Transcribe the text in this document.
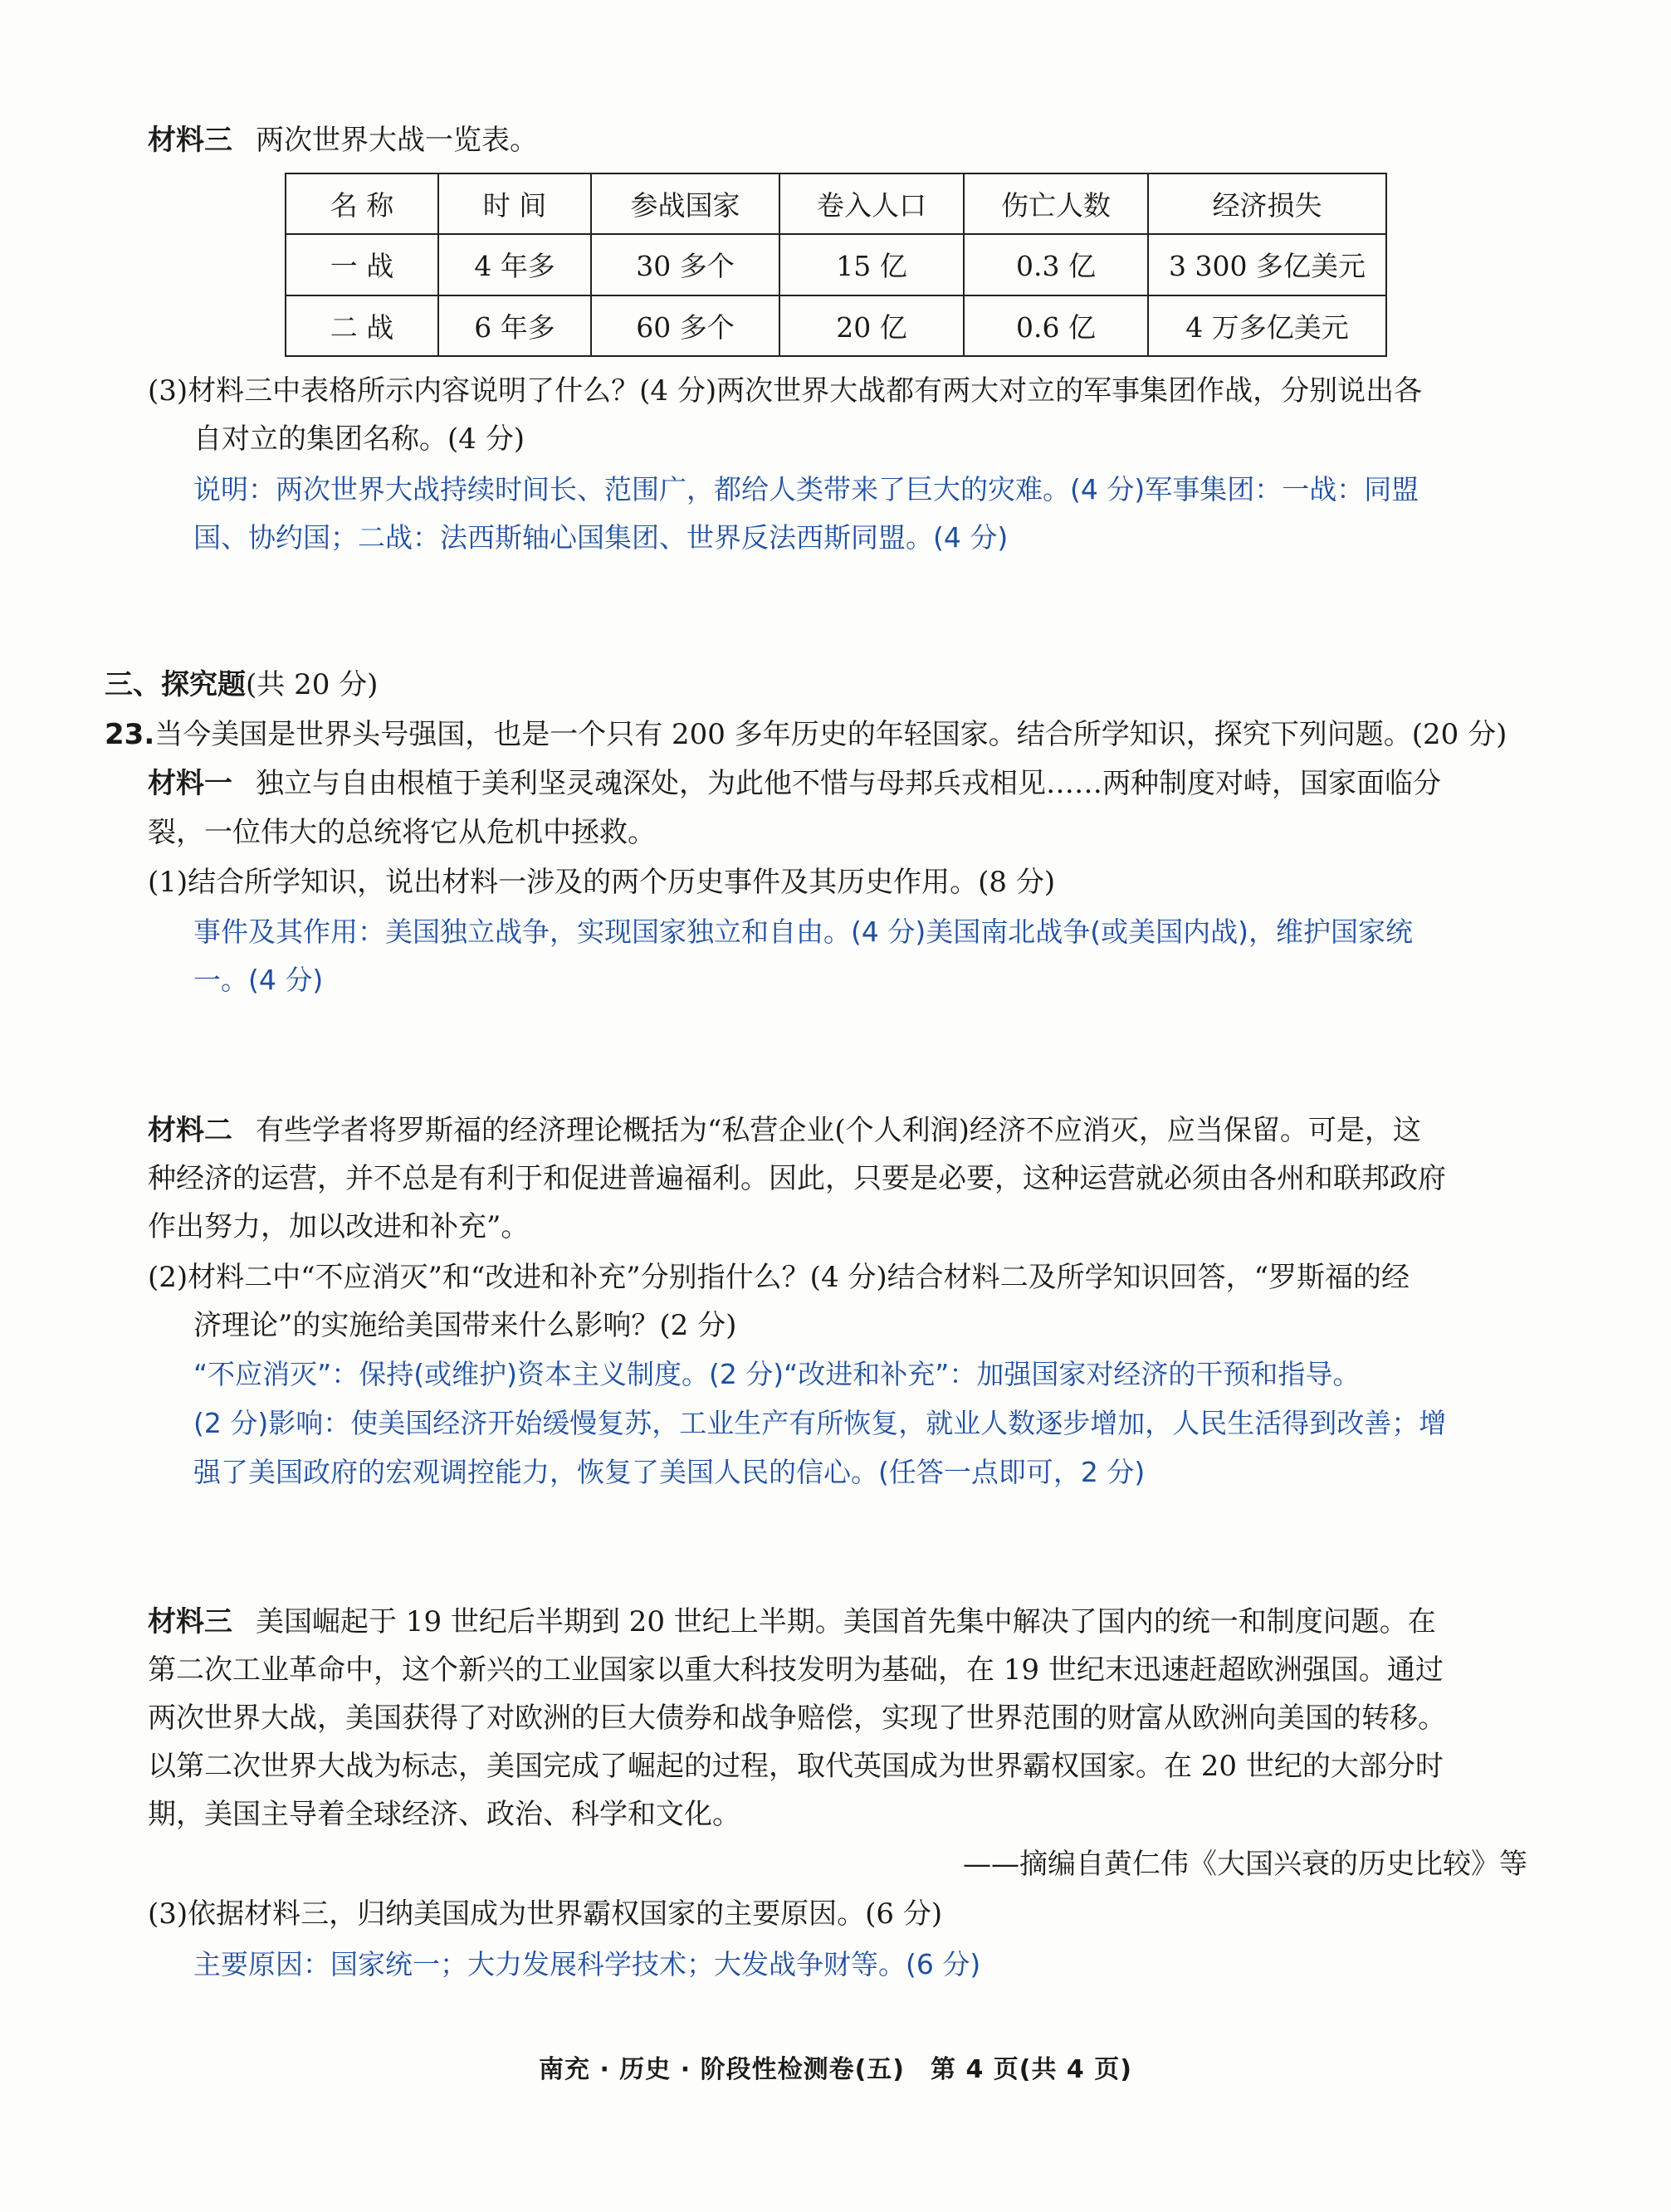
材料三 两次世界大战一览表。
名 称	时 间	参战国家	卷入人口	伤亡人数	经济损失
一 战	4 年多	30 多个	15 亿	0.3 亿	3 300 多亿美元
二 战	6 年多	60 多个	20 亿	0.6 亿	4 万多亿美元
(3)材料三中表格所示内容说明了什么？(4 分)两次世界大战都有两大对立的军事集团作战，分别说出各
自对立的集团名称。(4 分)
说明：两次世界大战持续时间长、范围广，都给人类带来了巨大的灾难。(4 分)军事集团：一战：同盟
国、协约国；二战：法西斯轴心国集团、世界反法西斯同盟。(4 分)
三、探究题(共 20 分)
23.当今美国是世界头号强国，也是一个只有 200 多年历史的年轻国家。结合所学知识，探究下列问题。(20 分)
材料一 独立与自由根植于美利坚灵魂深处，为此他不惜与母邦兵戎相见……两种制度对峙，国家面临分
裂，一位伟大的总统将它从危机中拯救。
(1)结合所学知识，说出材料一涉及的两个历史事件及其历史作用。(8 分)
事件及其作用：美国独立战争，实现国家独立和自由。(4 分)美国南北战争(或美国内战)，维护国家统
一。(4 分)
材料二 有些学者将罗斯福的经济理论概括为“私营企业(个人利润)经济不应消灭，应当保留。可是，这
种经济的运营，并不总是有利于和促进普遍福利。因此，只要是必要，这种运营就必须由各州和联邦政府
作出努力，加以改进和补充”。
(2)材料二中“不应消灭”和“改进和补充”分别指什么？(4 分)结合材料二及所学知识回答，“罗斯福的经
济理论”的实施给美国带来什么影响？(2 分)
“不应消灭”：保持(或维护)资本主义制度。(2 分)“改进和补充”：加强国家对经济的干预和指导。
(2 分)影响：使美国经济开始缓慢复苏，工业生产有所恢复，就业人数逐步增加，人民生活得到改善；增
强了美国政府的宏观调控能力，恢复了美国人民的信心。(任答一点即可，2 分)
材料三 美国崛起于 19 世纪后半期到 20 世纪上半期。美国首先集中解决了国内的统一和制度问题。在
第二次工业革命中，这个新兴的工业国家以重大科技发明为基础，在 19 世纪末迅速赶超欧洲强国。通过
两次世界大战，美国获得了对欧洲的巨大债券和战争赔偿，实现了世界范围的财富从欧洲向美国的转移。
以第二次世界大战为标志，美国完成了崛起的过程，取代英国成为世界霸权国家。在 20 世纪的大部分时
期，美国主导着全球经济、政治、科学和文化。
——摘编自黄仁伟《大国兴衰的历史比较》等
(3)依据材料三，归纳美国成为世界霸权国家的主要原因。(6 分)
主要原因：国家统一；大力发展科学技术；大发战争财等。(6 分)
南充 · 历史 · 阶段性检测卷(五)　第 4 页(共 4 页)
